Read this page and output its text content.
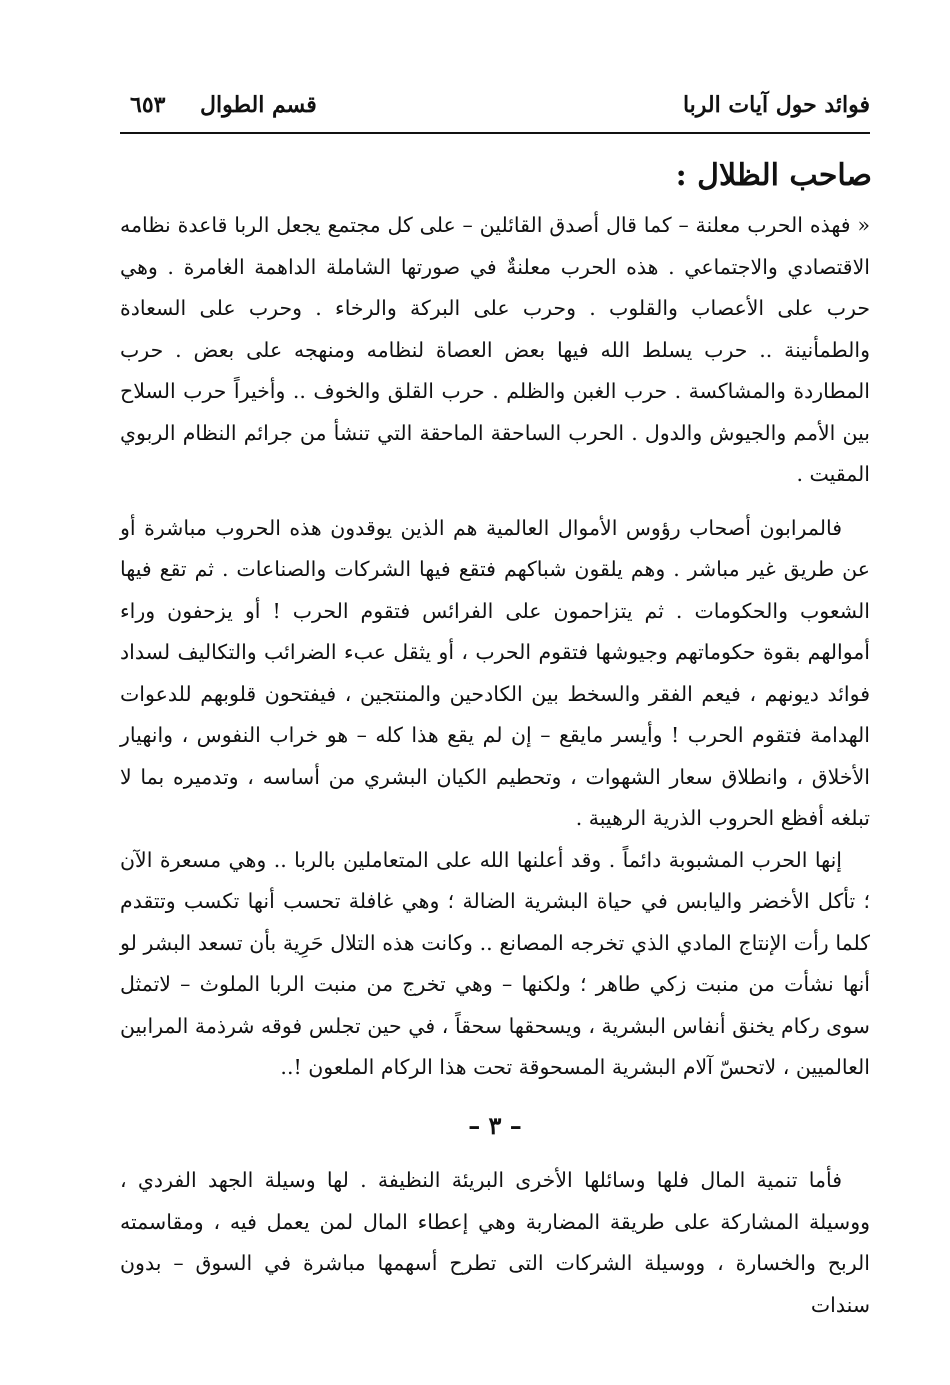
فوائد حول آيات الربا
قسم الطوال
٦٥٣
صاحب الظلال :

« فهذه الحرب معلنة – كما قال أصدق القائلين – على كل مجتمع يجعل الربا قاعدة نظامه الاقتصادي والاجتماعي . هذه الحرب معلنةٌ في صورتها الشاملة الداهمة الغامرة . وهي حرب على الأعصاب والقلوب . وحرب على البركة والرخاء . وحرب على السعادة والطمأنينة .. حرب يسلط الله فيها بعض العصاة لنظامه ومنهجه على بعض . حرب المطاردة والمشاكسة . حرب الغبن والظلم . حرب القلق والخوف .. وأخيراً حرب السلاح بين الأمم والجيوش والدول . الحرب الساحقة الماحقة التي تنشأ من جرائم النظام الربوي المقيت .

فالمرابون أصحاب رؤوس الأموال العالمية هم الذين يوقدون هذه الحروب مباشرة أو عن طريق غير مباشر . وهم يلقون شباكهم فتقع فيها الشركات والصناعات . ثم تقع فيها الشعوب والحكومات . ثم يتزاحمون على الفرائس فتقوم الحرب ! أو يزحفون وراء أموالهم بقوة حكوماتهم وجيوشها فتقوم الحرب ، أو يثقل عبء الضرائب والتكاليف لسداد فوائد ديونهم ، فيعم الفقر والسخط بين الكادحين والمنتجين ، فيفتحون قلوبهم للدعوات الهدامة فتقوم الحرب ! وأيسر مايقع – إن لم يقع هذا كله – هو خراب النفوس ، وانهيار الأخلاق ، وانطلاق سعار الشهوات ، وتحطيم الكيان البشري من أساسه ، وتدميره بما لا تبلغه أفظع الحروب الذرية الرهيبة .

إنها الحرب المشبوبة دائماً . وقد أعلنها الله على المتعاملين بالربا .. وهي مسعرة الآن ؛ تأكل الأخضر واليابس في حياة البشرية الضالة ؛ وهي غافلة تحسب أنها تكسب وتتقدم كلما رأت الإنتاج المادي الذي تخرجه المصانع .. وكانت هذه التلال حَرِية بأن تسعد البشر لو أنها نشأت من منبت زكي طاهر ؛ ولكنها – وهي تخرج من منبت الربا الملوث – لاتمثل سوى ركام يخنق أنفاس البشرية ، ويسحقها سحقاً ، في حين تجلس فوقه شرذمة المرابين العالميين ، لاتحسّ آلام البشرية المسحوقة تحت هذا الركام الملعون !..

– ٣ –

فأما تنمية المال فلها وسائلها الأخرى البريئة النظيفة . لها وسيلة الجهد الفردي ، ووسيلة المشاركة على طريقة المضاربة وهي إعطاء المال لمن يعمل فيه ، ومقاسمته الربح والخسارة ، ووسيلة الشركات التى تطرح أسهمها مباشرة في السوق – بدون سندات
